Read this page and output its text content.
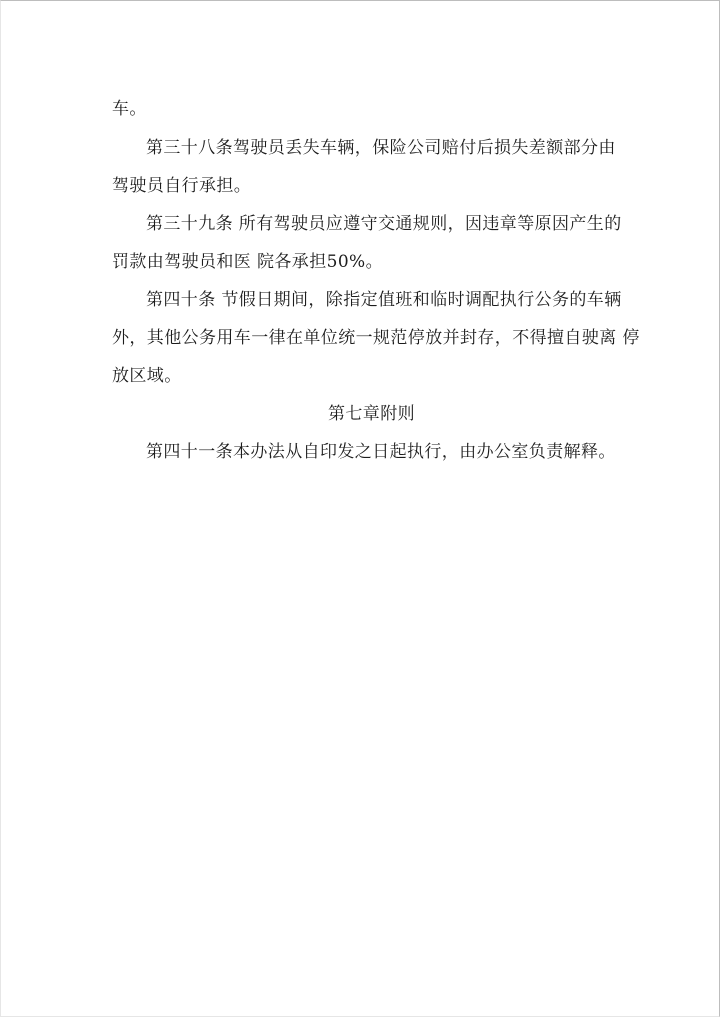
车。
第三十八条驾驶员丢失车辆，保险公司赔付后损失差额部分由
驾驶员自行承担。
第三十九条 所有驾驶员应遵守交通规则，因违章等原因产生的
罚款由驾驶员和医 院各承担50%。
第四十条 节假日期间，除指定值班和临时调配执行公务的车辆
外，其他公务用车一律在单位统一规范停放并封存，不得擅自驶离 停
放区域。
第七章附则
第四十一条本办法从自印发之日起执行，由办公室负责解释。
